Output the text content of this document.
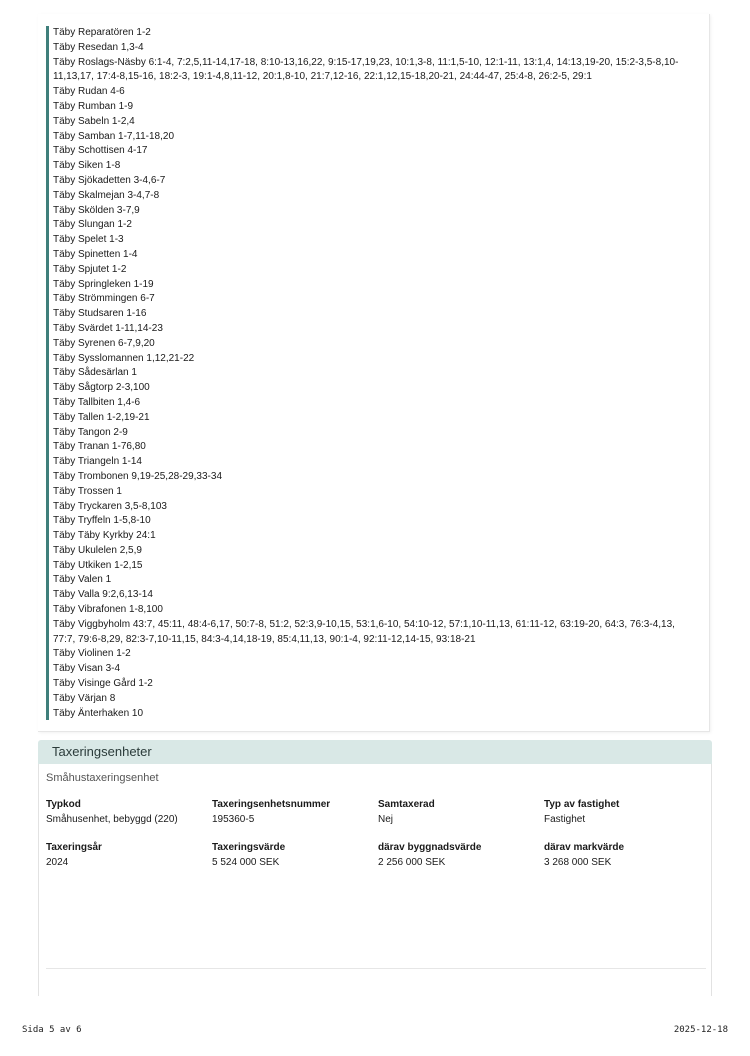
Täby Reparatören 1-2
Täby Resedan 1,3-4
Täby Roslags-Näsby 6:1-4, 7:2,5,11-14,17-18, 8:10-13,16,22, 9:15-17,19,23, 10:1,3-8, 11:1,5-10, 12:1-11, 13:1,4, 14:13,19-20, 15:2-3,5-8,10-11,13,17, 17:4-8,15-16, 18:2-3, 19:1-4,8,11-12, 20:1,8-10, 21:7,12-16, 22:1,12,15-18,20-21, 24:44-47, 25:4-8, 26:2-5, 29:1
Täby Rudan 4-6
Täby Rumban 1-9
Täby Sabeln 1-2,4
Täby Samban 1-7,11-18,20
Täby Schottisen 4-17
Täby Siken 1-8
Täby Sjökadetten 3-4,6-7
Täby Skalmejan 3-4,7-8
Täby Skölden 3-7,9
Täby Slungan 1-2
Täby Spelet 1-3
Täby Spinetten 1-4
Täby Spjutet 1-2
Täby Springleken 1-19
Täby Strömmingen 6-7
Täby Studsaren 1-16
Täby Svärdet 1-11,14-23
Täby Syrenen 6-7,9,20
Täby Sysslomannen 1,12,21-22
Täby Sådesärlan 1
Täby Sågtorp 2-3,100
Täby Tallbiten 1,4-6
Täby Tallen 1-2,19-21
Täby Tangon 2-9
Täby Tranan 1-76,80
Täby Triangeln 1-14
Täby Trombonen 9,19-25,28-29,33-34
Täby Trossen 1
Täby Tryckaren 3,5-8,103
Täby Tryffeln 1-5,8-10
Täby Täby Kyrkby 24:1
Täby Ukulelen 2,5,9
Täby Utkiken 1-2,15
Täby Valen 1
Täby Valla 9:2,6,13-14
Täby Vibrafonen 1-8,100
Täby Viggbyholm 43:7, 45:11, 48:4-6,17, 50:7-8, 51:2, 52:3,9-10,15, 53:1,6-10, 54:10-12, 57:1,10-11,13, 61:11-12, 63:19-20, 64:3, 76:3-4,13, 77:7, 79:6-8,29, 82:3-7,10-11,15, 84:3-4,14,18-19, 85:4,11,13, 90:1-4, 92:11-12,14-15, 93:18-21
Täby Violinen 1-2
Täby Visan 3-4
Täby Visinge Gård 1-2
Täby Värjan 8
Täby Änterhaken 10
Taxeringsenheter
Småhustaxeringsenhet
Typkod
Småhusenhet, bebyggd (220)
Taxeringsenhetsnummer
195360-5
Samtaxerad
Nej
Typ av fastighet
Fastighet
Taxeringsår
2024
Taxeringsvärde
5 524 000 SEK
därav byggnadsvärde
2 256 000 SEK
därav markvärde
3 268 000 SEK
Sida 5 av 6	2025-12-18
